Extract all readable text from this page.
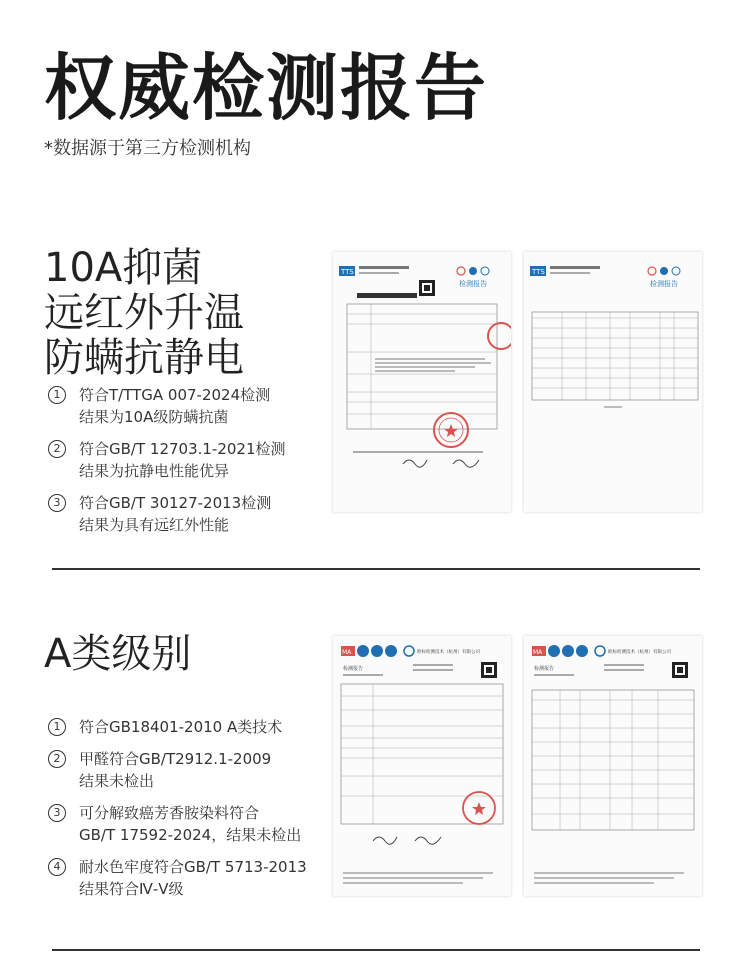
权威检测报告
*数据源于第三方检测机构
10A抑菌
远红外升温
防螨抗静电
1	符合T/TTGA 007-2024检测
结果为10A级防螨抗菌
2	符合GB/T 12703.1-2021检测
结果为抗静电性能优异
3	符合GB/T 30127-2013检测
结果为具有远红外性能
TTS
检测报告
TTS
检测报告
A类级别
1	符合GB18401-2010 A类技术
2	甲醛符合GB/T2912.1-2009
结果未检出
3	可分解致癌芳香胺染料符合
GB/T 17592-2024，结果未检出
4	耐水色牢度符合GB/T 5713-2013
结果符合Ⅳ-Ⅴ级
MA	欧标检测技术（杭州）有限公司
检测报告
MA	欧标检测技术（杭州）有限公司
检测报告
